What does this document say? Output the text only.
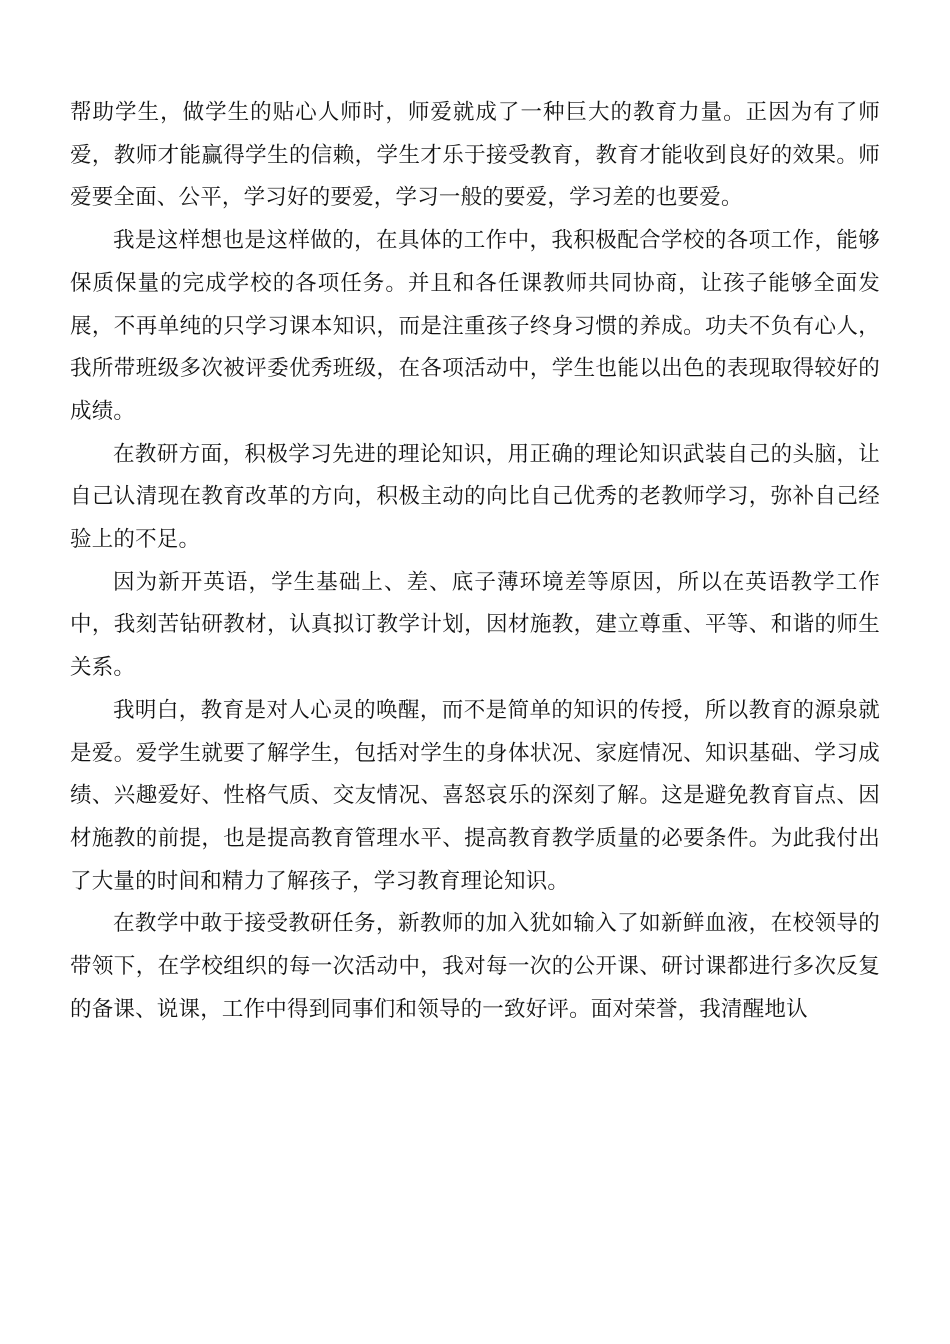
帮助学生，做学生的贴心人师时，师爱就成了一种巨大的教育力量。正因为有了师爱，教师才能赢得学生的信赖，学生才乐于接受教育，教育才能收到良好的效果。师爱要全面、公平，学习好的要爱，学习一般的要爱，学习差的也要爱。

我是这样想也是这样做的，在具体的工作中，我积极配合学校的各项工作，能够保质保量的完成学校的各项任务。并且和各任课教师共同协商，让孩子能够全面发展，不再单纯的只学习课本知识，而是注重孩子终身习惯的养成。功夫不负有心人，我所带班级多次被评委优秀班级，在各项活动中，学生也能以出色的表现取得较好的成绩。

在教研方面，积极学习先进的理论知识，用正确的理论知识武装自己的头脑，让自己认清现在教育改革的方向，积极主动的向比自己优秀的老教师学习，弥补自己经验上的不足。

因为新开英语，学生基础上、差、底子薄环境差等原因，所以在英语教学工作中，我刻苦钻研教材，认真拟订教学计划，因材施教，建立尊重、平等、和谐的师生关系。

我明白，教育是对人心灵的唤醒，而不是简单的知识的传授，所以教育的源泉就是爱。爱学生就要了解学生，包括对学生的身体状况、家庭情况、知识基础、学习成绩、兴趣爱好、性格气质、交友情况、喜怒哀乐的深刻了解。这是避免教育盲点、因材施教的前提，也是提高教育管理水平、提高教育教学质量的必要条件。为此我付出了大量的时间和精力了解孩子，学习教育理论知识。

在教学中敢于接受教研任务，新教师的加入犹如输入了如新鲜血液，在校领导的带领下，在学校组织的每一次活动中，我对每一次的公开课、研讨课都进行多次反复的备课、说课，工作中得到同事们和领导的一致好评。面对荣誉，我清醒地认
